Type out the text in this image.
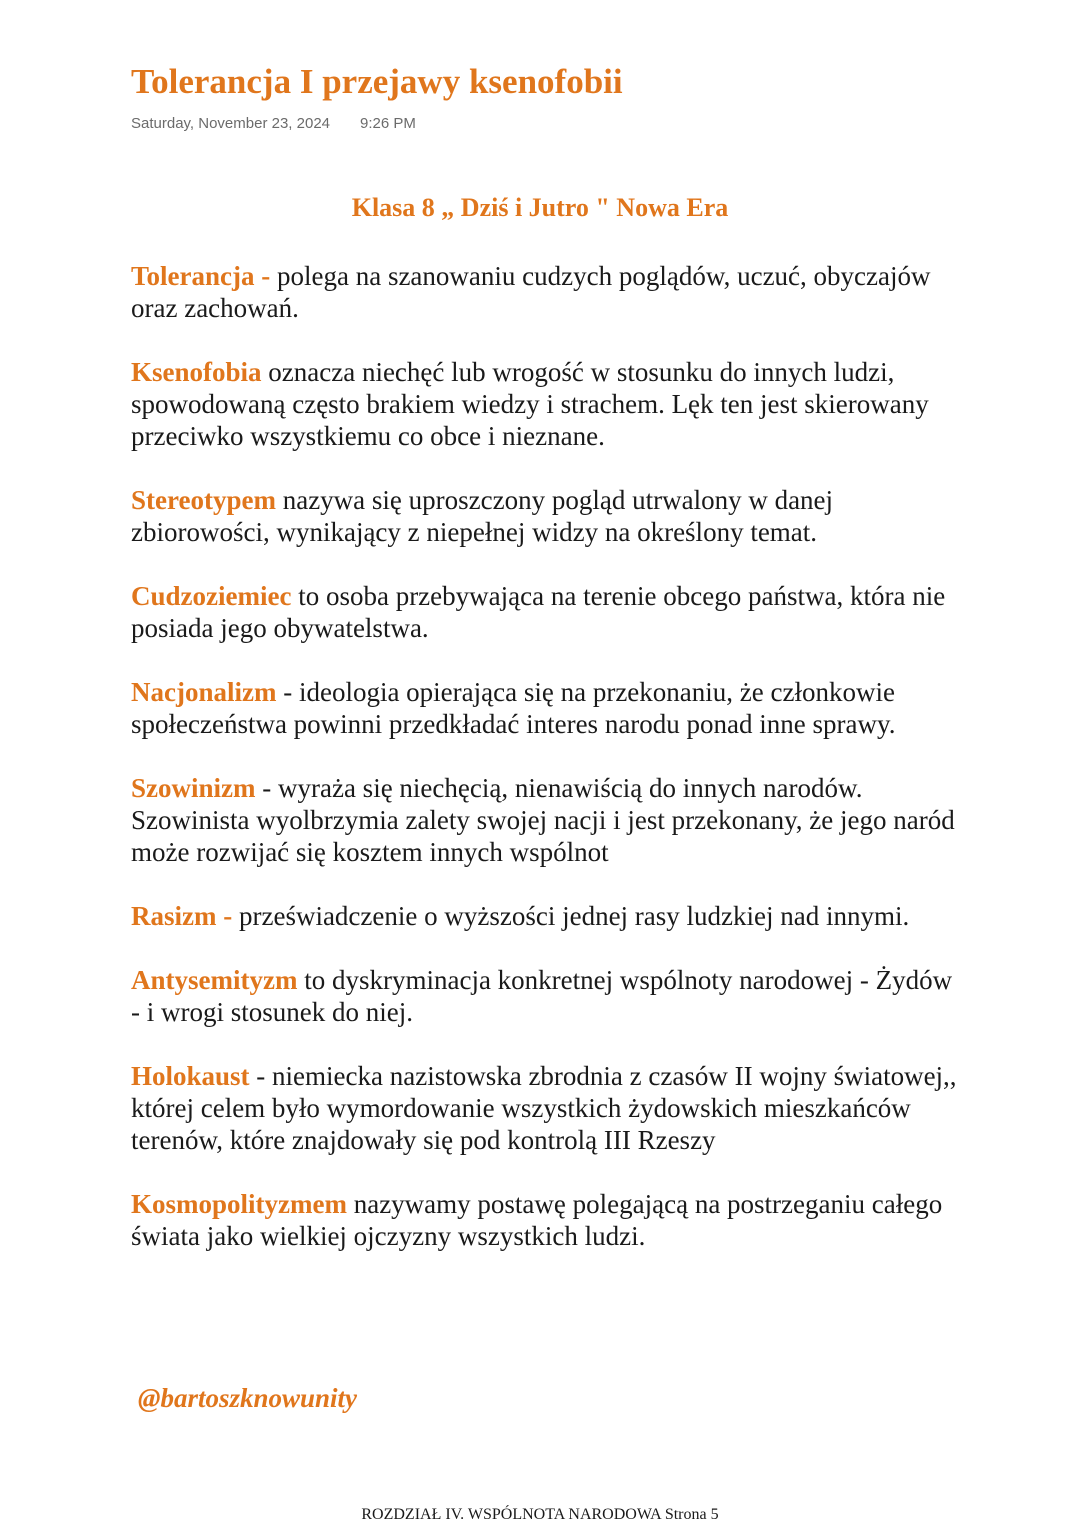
Tolerancja I przejawy ksenofobii
Saturday, November 23, 2024 9:26 PM
Klasa 8 „ Dziś i Jutro " Nowa Era

Tolerancja - polega na szanowaniu cudzych poglądów, uczuć, obyczajów oraz zachowań.

Ksenofobia oznacza niechęć lub wrogość w stosunku do innych ludzi, spowodowaną często brakiem wiedzy i strachem. Lęk ten jest skierowany przeciwko wszystkiemu co obce i nieznane.

Stereotypem nazywa się uproszczony pogląd utrwalony w danej zbiorowości, wynikający z niepełnej widzy na określony temat.

Cudzoziemiec to osoba przebywająca na terenie obcego państwa, która nie posiada jego obywatelstwa.

Nacjonalizm - ideologia opierająca się na przekonaniu, że członkowie społeczeństwa powinni przedkładać interes narodu ponad inne sprawy.

Szowinizm - wyraża się niechęcią, nienawiścią do innych narodów. Szowinista wyolbrzymia zalety swojej nacji i jest przekonany, że jego naród może rozwijać się kosztem innych wspólnot

Rasizm - przeświadczenie o wyższości jednej rasy ludzkiej nad innymi.

Antysemityzm to dyskryminacja konkretnej wspólnoty narodowej - Żydów - i wrogi stosunek do niej.

Holokaust - niemiecka nazistowska zbrodnia z czasów II wojny światowej,, której celem było wymordowanie wszystkich żydowskich mieszkańców terenów, które znajdowały się pod kontrolą III Rzeszy

Kosmopolityzmem nazywamy postawę polegającą na postrzeganiu całego świata jako wielkiej ojczyzny wszystkich ludzi.

@bartoszknowunity
ROZDZIAŁ IV. WSPÓLNOTA NARODOWA Strona 5
